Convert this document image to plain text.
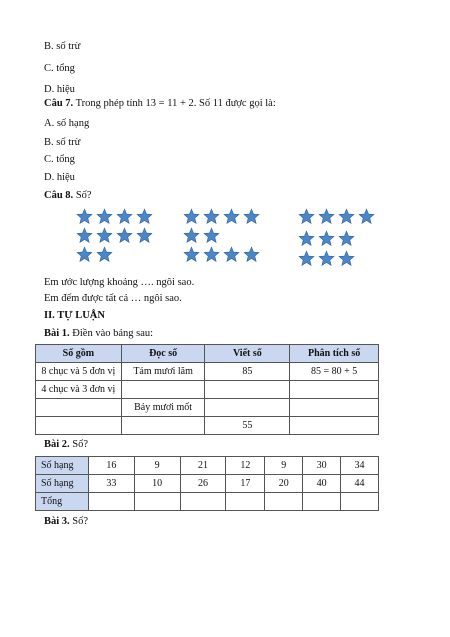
B. số trừ
C. tổng
D. hiệu
Câu 7. Trong phép tính 13 = 11 + 2. Số 11 được gọi là:
A. số hạng
B. số trừ
C. tổng
D. hiệu
Câu 8. Số?
Em ước lượng khoảng …. ngôi sao.
Em đếm được tất cả … ngôi sao.
II. TỰ LUẬN
Bài 1. Điền vào bảng sau:
Số gồm	Đọc số	Viết số	Phân tích số
8 chục và 5 đơn vị	Tám mươi lăm	85	85 = 80 + 5
4 chục và 3 đơn vị			
	Bảy mươi mốt		
		55	
Bài 2. Số?
Số hạng	16	9	21	12	9	30	34
Số hạng	33	10	26	17	20	40	44
Tổng							
Bài 3. Số?
